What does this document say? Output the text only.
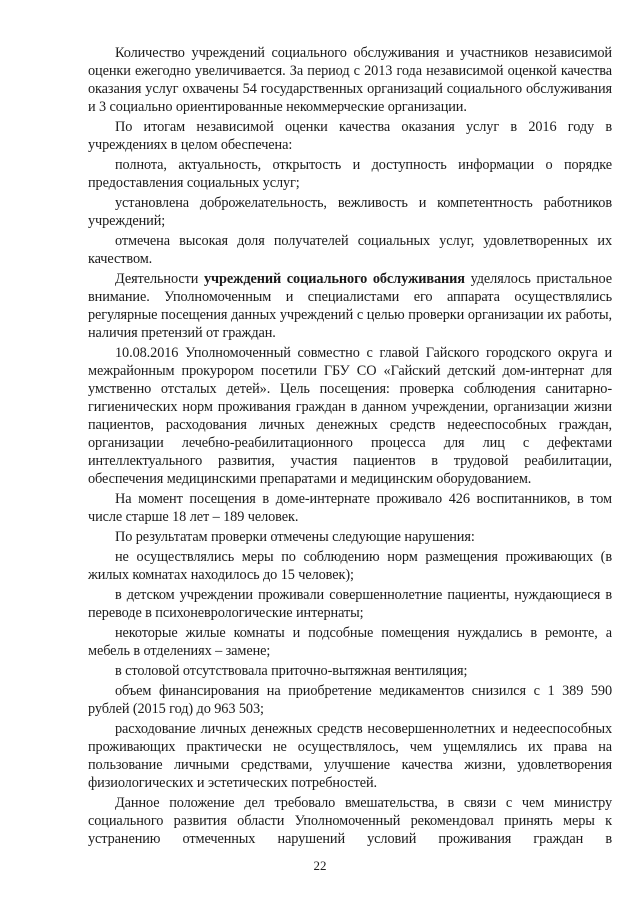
Количество учреждений социального обслуживания и участников независимой оценки ежегодно увеличивается. За период с 2013 года независимой оценкой качества оказания услуг охвачены 54 государственных организаций социального обслуживания и 3 социально ориентированные некоммерческие организации.

По итогам независимой оценки качества оказания услуг в 2016 году в учреждениях в целом обеспечена:

полнота, актуальность, открытость и доступность информации о порядке предоставления социальных услуг;

установлена доброжелательность, вежливость и компетентность работников учреждений;

отмечена высокая доля получателей социальных услуг, удовлетворенных их качеством.

Деятельности учреждений социального обслуживания уделялось пристальное внимание. Уполномоченным и специалистами его аппарата осуществлялись регулярные посещения данных учреждений с целью проверки организации их работы, наличия претензий от граждан.

10.08.2016 Уполномоченный совместно с главой Гайского городского округа и межрайонным прокурором посетили ГБУ СО «Гайский детский дом-интернат для умственно отсталых детей». Цель посещения: проверка соблюдения санитарно-гигиенических норм проживания граждан в данном учреждении, организации жизни пациентов, расходования личных денежных средств недееспособных граждан, организации лечебно-реабилитационного процесса для лиц с дефектами интеллектуального развития, участия пациентов в трудовой реабилитации, обеспечения медицинскими препаратами и медицинским оборудованием.

На момент посещения в доме-интернате проживало 426 воспитанников, в том числе старше 18 лет – 189 человек.

По результатам проверки отмечены следующие нарушения:

не осуществлялись меры по соблюдению норм размещения проживающих (в жилых комнатах находилось до 15 человек);

в детском учреждении проживали совершеннолетние пациенты, нуждающиеся в переводе в психоневрологические интернаты;

некоторые жилые комнаты и подсобные помещения нуждались в ремонте, а мебель в отделениях – замене;

в столовой отсутствовала приточно-вытяжная вентиляция;

объем финансирования на приобретение медикаментов снизился с 1 389 590 рублей (2015 год) до 963 503;

расходование личных денежных средств несовершеннолетних и недееспособных проживающих практически не осуществлялось, чем ущемлялись их права на пользование личными средствами, улучшение качества жизни, удовлетворения физиологических и эстетических потребностей.

Данное положение дел требовало вмешательства, в связи с чем министру социального развития области Уполномоченный рекомендовал принять меры к устранению отмеченных нарушений условий проживания граждан в

22
